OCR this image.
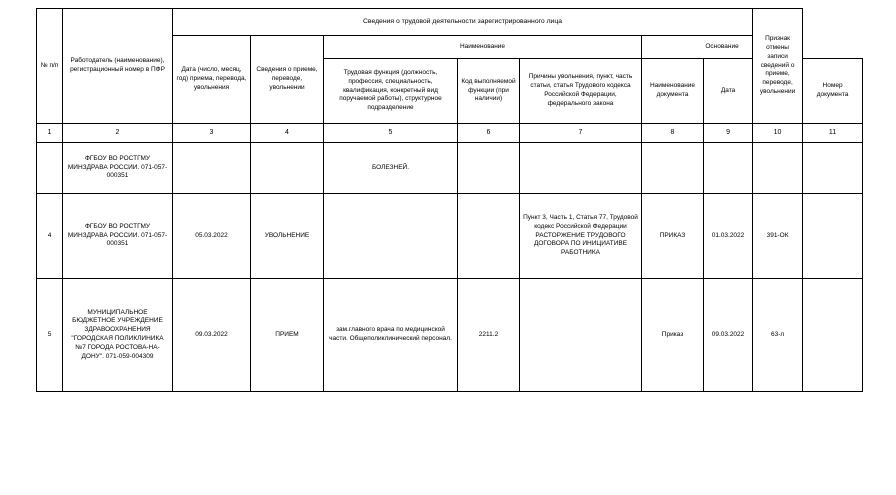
№ п/п	Работодатель (наименование), регистрационный номер в ПФР	Сведения о трудовой деятельности зарегистрированного лица							Признак отмены записи сведений о приеме, переводе, увольнении	
		Дата (число, месяц, год) приема, перевода, увольнения	Сведения о приеме, переводе, увольнении	Наименование			Основание			
				Трудовая функция (должность, профессия, специальность, квалификация, конкретный вид поручаемой работы), структурное подразделение	Код выполняемой функции (при наличии)	Причины увольнения, пункт, часть статьи, статья Трудового кодекса Российской Федерации, федерального закона	Наименование документа	Дата		Номер документа
1	2	3	4	5	6	7	8	9	10	11
	ФГБОУ ВО РОСТГМУ МИНЗДРАВА РОССИИ. 071-057-000351			БОЛЕЗНЕЙ.						
4	ФГБОУ ВО РОСТГМУ МИНЗДРАВА РОССИИ. 071-057-000351	05.03.2022	УВОЛЬНЕНИЕ			Пункт 3, Часть 1, Статья 77, Трудовой кодекс Российской Федерации РАСТОРЖЕНИЕ ТРУДОВОГО ДОГОВОРА ПО ИНИЦИАТИВЕ РАБОТНИКА	ПРИКАЗ	01.03.2022	391-ОК	
5	МУНИЦИПАЛЬНОЕ БЮДЖЕТНОЕ УЧРЕЖДЕНИЕ ЗДРАВООХРАНЕНИЯ "ГОРОДСКАЯ ПОЛИКЛИНИКА №7 ГОРОДА РОСТОВА-НА-ДОНУ". 071-059-004309	09.03.2022	ПРИЕМ	зам.главного врача по медицинской части. Общеполиклинический персонал.	2211.2		Приказ	09.03.2022	63-л	
